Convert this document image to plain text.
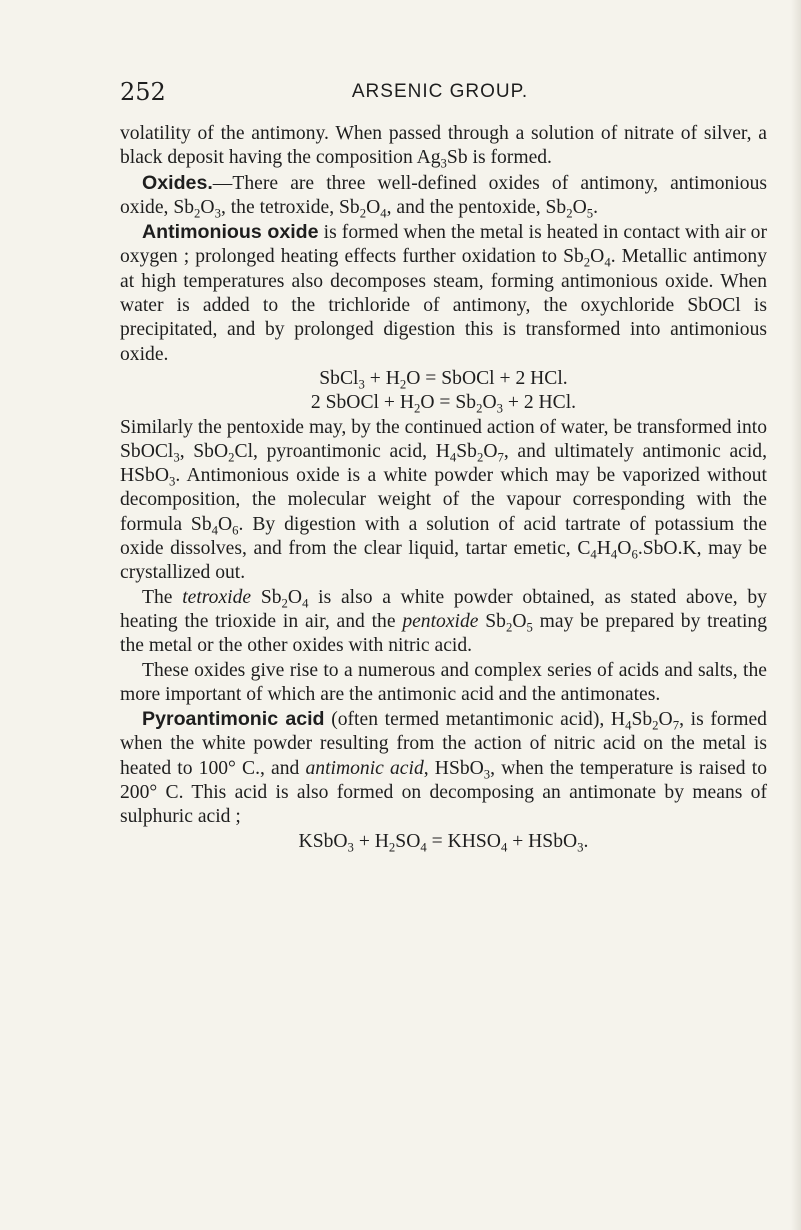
252	ARSENIC GROUP.

volatility of the antimony. When passed through a solution of nitrate of silver, a black deposit having the composition $Ag_3Sb$ is formed.

Oxides.—There are three well-defined oxides of antimony, antimonious oxide, $Sb_2O_3$, the tetroxide, $Sb_2O_4$, and the pentoxide, $Sb_2O_5$.

Antimonious oxide is formed when the metal is heated in contact with air or oxygen ; prolonged heating effects further oxidation to $Sb_2O_4$. Metallic antimony at high temperatures also decomposes steam, forming antimonious oxide. When water is added to the trichloride of antimony, the oxychloride SbOCl is precipitated, and by prolonged digestion this is transformed into antimonious oxide.

SbCl$_3$ + $H_2O$ = SbOCl + 2 HCl.

2 SbOCl + $H_2O = Sb_2O_3 + 2$ HCl.

Similarly the pentoxide may, by the continued action of water, be transformed into SbOCl$_3$, SbO$_2$Cl, pyroantimonic acid, $H_4Sb_2O_7$, and ultimately antimonic acid, HSbO$_3$. Antimonious oxide is a white powder which may be vaporized without decomposition, the molecular weight of the vapour corresponding with the formula $Sb_4O_6$. By digestion with a solution of acid tartrate of potassium the oxide dissolves, and from the clear liquid, tartar emetic, $C_4H_4O_6.SbO.K$, may be crystallized out.

The tetroxide $Sb_2O_4$ is also a white powder obtained, as stated above, by heating the trioxide in air, and the pentoxide $Sb_2O_5$ may be prepared by treating the metal or the other oxides with nitric acid.

These oxides give rise to a numerous and complex series of acids and salts, the more important of which are the antimonic acid and the antimonates.

Pyroantimonic acid (often termed metantimonic acid), $H_4Sb_2O_7$, is formed when the white powder resulting from the action of nitric acid on the metal is heated to 100° C., and antimonic acid, HSbO$_3$, when the temperature is raised to 200° C. This acid is also formed on decomposing an antimonate by means of sulphuric acid ;

KSbO$_3$ + $H_2SO_4$ = $KHSO_4$ + HSbO$_3$.
